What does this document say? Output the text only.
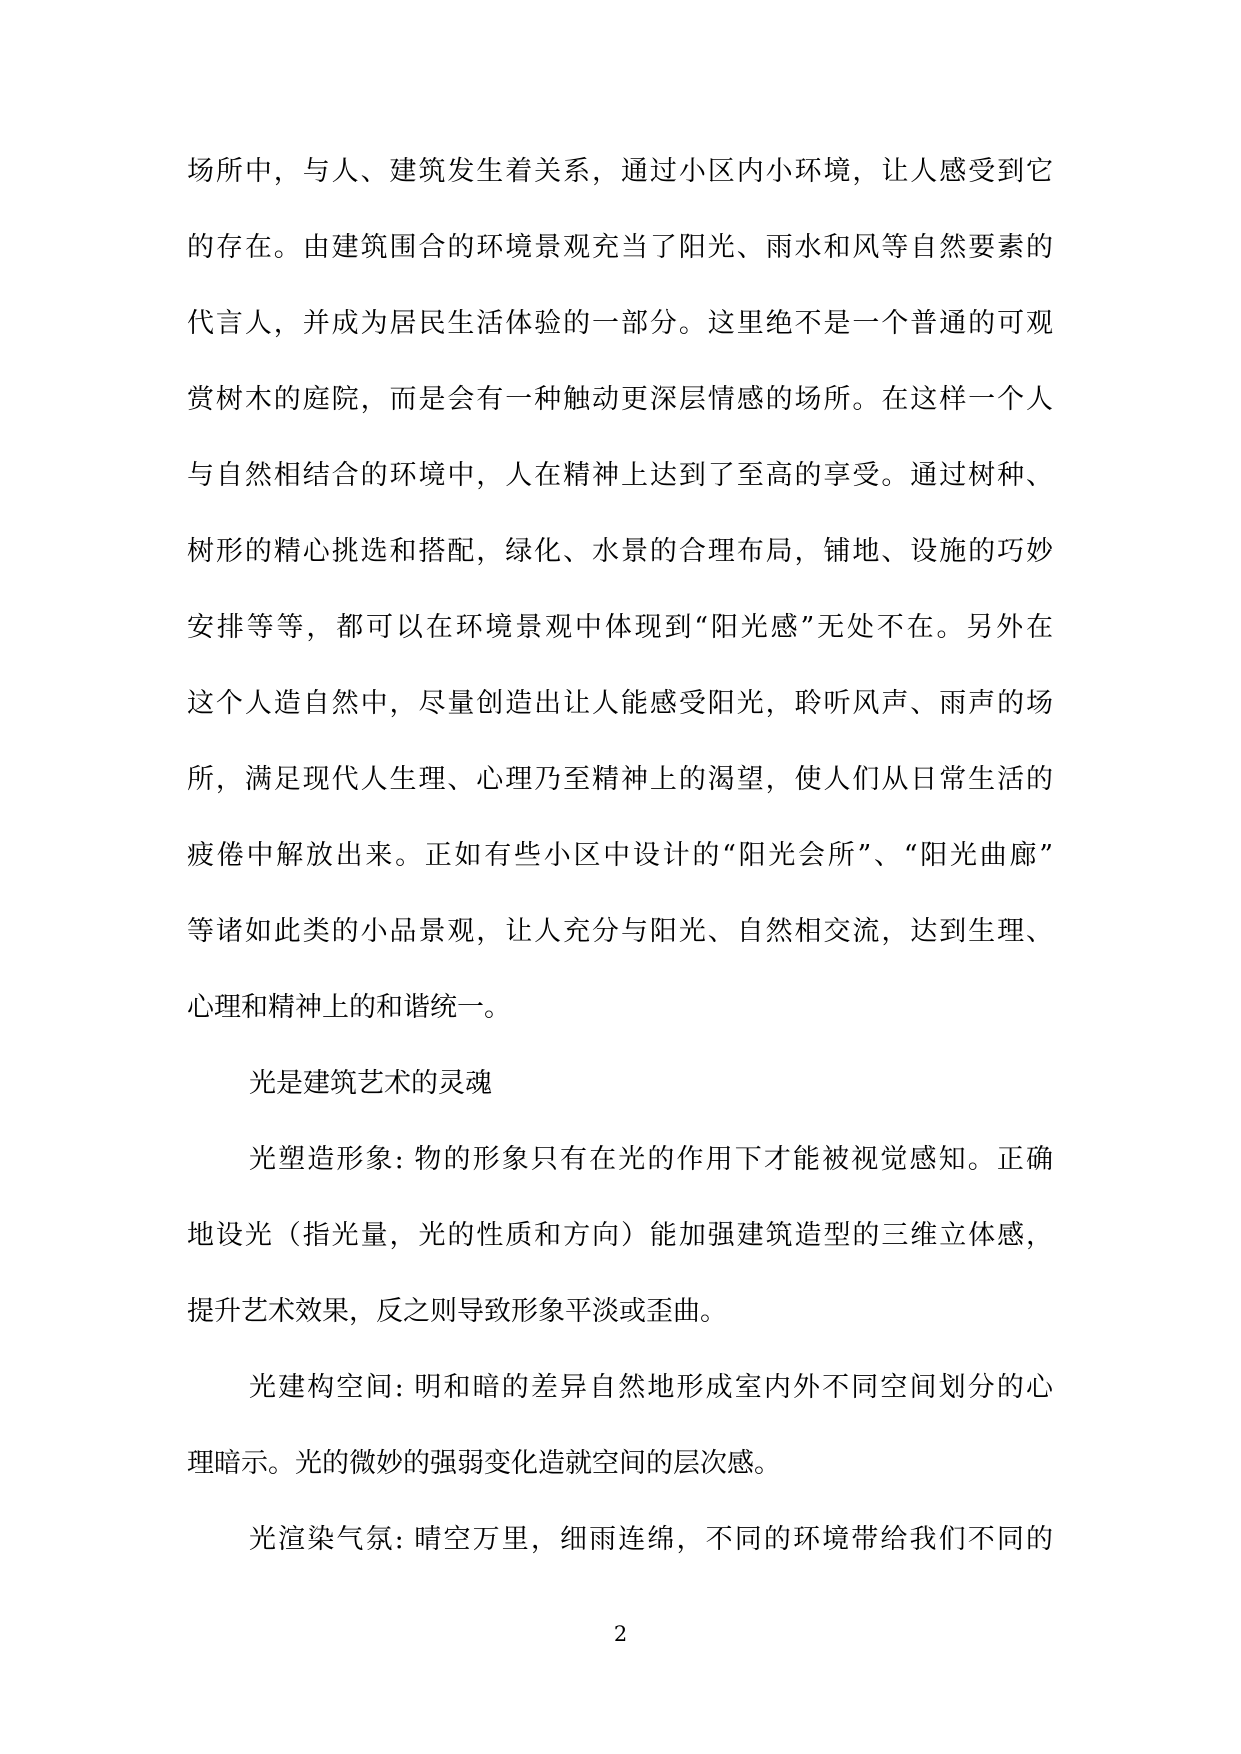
场所中，与人、建筑发生着关系，通过小区内小环境，让人感受到它

的存在。由建筑围合的环境景观充当了阳光、雨水和风等自然要素的

代言人，并成为居民生活体验的一部分。这里绝不是一个普通的可观

赏树木的庭院，而是会有一种触动更深层情感的场所。在这样一个人

与自然相结合的环境中，人在精神上达到了至高的享受。通过树种、

树形的精心挑选和搭配，绿化、水景的合理布局，铺地、设施的巧妙

安排等等，都可以在环境景观中体现到“阳光感”无处不在。另外在

这个人造自然中，尽量创造出让人能感受阳光，聆听风声、雨声的场

所，满足现代人生理、心理乃至精神上的渴望，使人们从日常生活的

疲倦中解放出来。正如有些小区中设计的“阳光会所”、“阳光曲廊”

等诸如此类的小品景观，让人充分与阳光、自然相交流，达到生理、

心理和精神上的和谐统一。

光是建筑艺术的灵魂

光塑造形象: 物的形象只有在光的作用下才能被视觉感知。正确

地设光（指光量，光的性质和方向）能加强建筑造型的三维立体感，

提升艺术效果，反之则导致形象平淡或歪曲。

光建构空间: 明和暗的差异自然地形成室内外不同空间划分的心

理暗示。光的微妙的强弱变化造就空间的层次感。

光渲染气氛: 晴空万里，细雨连绵，不同的环境带给我们不同的

2
